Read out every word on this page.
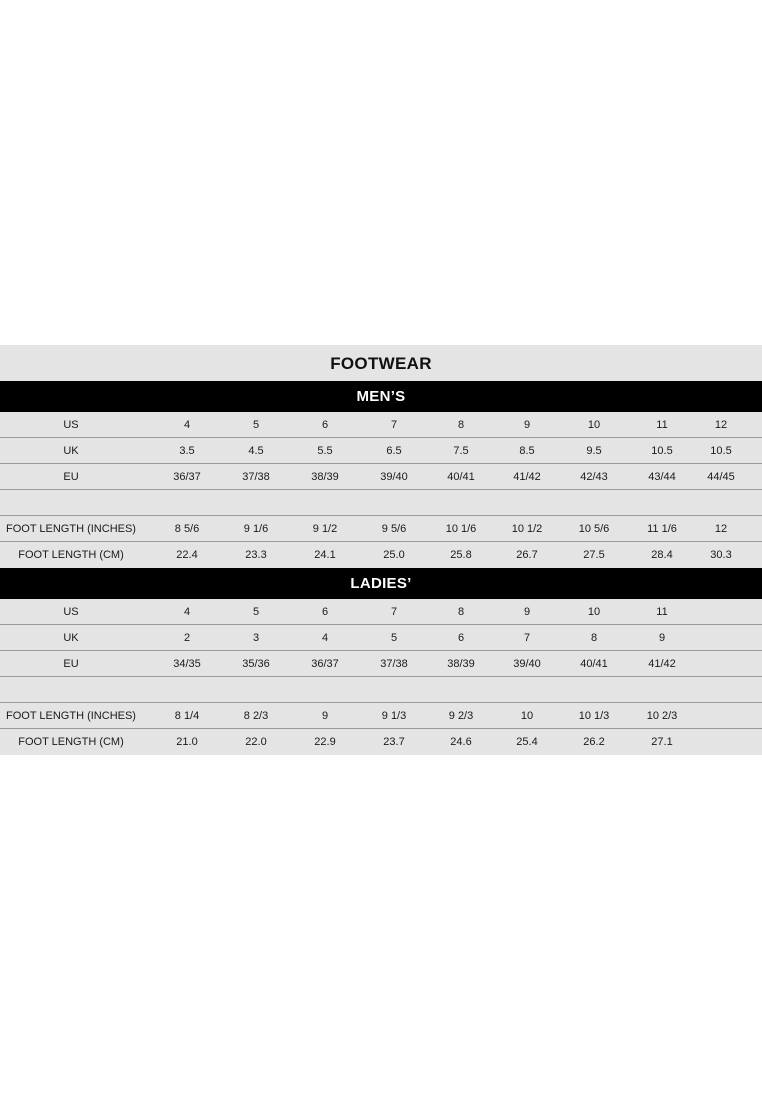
FOOTWEAR
MEN’S
US	4	5	6	7	8	9	10	11	12
UK	3.5	4.5	5.5	6.5	7.5	8.5	9.5	10.5	10.5
EU	36/37	37/38	38/39	39/40	40/41	41/42	42/43	43/44	44/45
FOOT LENGTH (INCHES)	8 5/6	9 1/6	9 1/2	9 5/6	10 1/6	10 1/2	10 5/6	11 1/6	12
FOOT LENGTH (CM)	22.4	23.3	24.1	25.0	25.8	26.7	27.5	28.4	30.3
LADIES’
US	4	5	6	7	8	9	10	11
UK	2	3	4	5	6	7	8	9
EU	34/35	35/36	36/37	37/38	38/39	39/40	40/41	41/42
FOOT LENGTH (INCHES)	8 1/4	8 2/3	9	9 1/3	9 2/3	10	10 1/3	10 2/3
FOOT LENGTH (CM)	21.0	22.0	22.9	23.7	24.6	25.4	26.2	27.1
